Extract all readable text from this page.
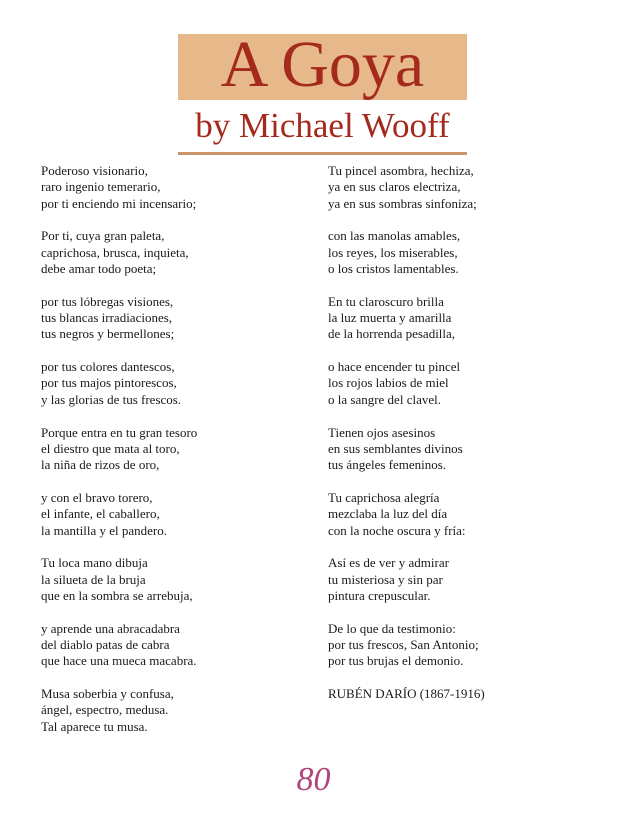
A Goya
by Michael Wooff
Poderoso visionario,
raro ingenio temerario,
por ti enciendo mi incensario;
Por ti, cuya gran paleta,
caprichosa, brusca, inquieta,
debe amar todo poeta;
por tus lóbregas visiones,
tus blancas irradiaciones,
tus negros y bermellones;
por tus colores dantescos,
por tus majos pintorescos,
y las glorias de tus frescos.
Porque entra en tu gran tesoro
el diestro que mata al toro,
la niña de rizos de oro,
y con el bravo torero,
el infante, el caballero,
la mantilla y el pandero.
Tu loca mano dibuja
la silueta de la bruja
que en la sombra se arrebuja,
y aprende una abracadabra
del diablo patas de cabra
que hace una mueca macabra.
Musa soberbia y confusa,
ángel, espectro, medusa.
Tal aparece tu musa.
Tu pincel asombra, hechiza,
ya en sus claros electriza,
ya en sus sombras sinfoniza;
con las manolas amables,
los reyes, los miserables,
o los cristos lamentables.
En tu claroscuro brilla
la luz muerta y amarilla
de la horrenda pesadilla,
o hace encender tu pincel
los rojos labios de miel
o la sangre del clavel.
Tienen ojos asesinos
en sus semblantes divinos
tus ángeles femeninos.
Tu caprichosa alegría
mezclaba la luz del día
con la noche oscura y fría:
Así es de ver y admirar
tu misteriosa y sin par
pintura crepuscular.
De lo que da testimonio:
por tus frescos, San Antonio;
por tus brujas el demonio.
RUBÉN DARÍO (1867-1916)
80
